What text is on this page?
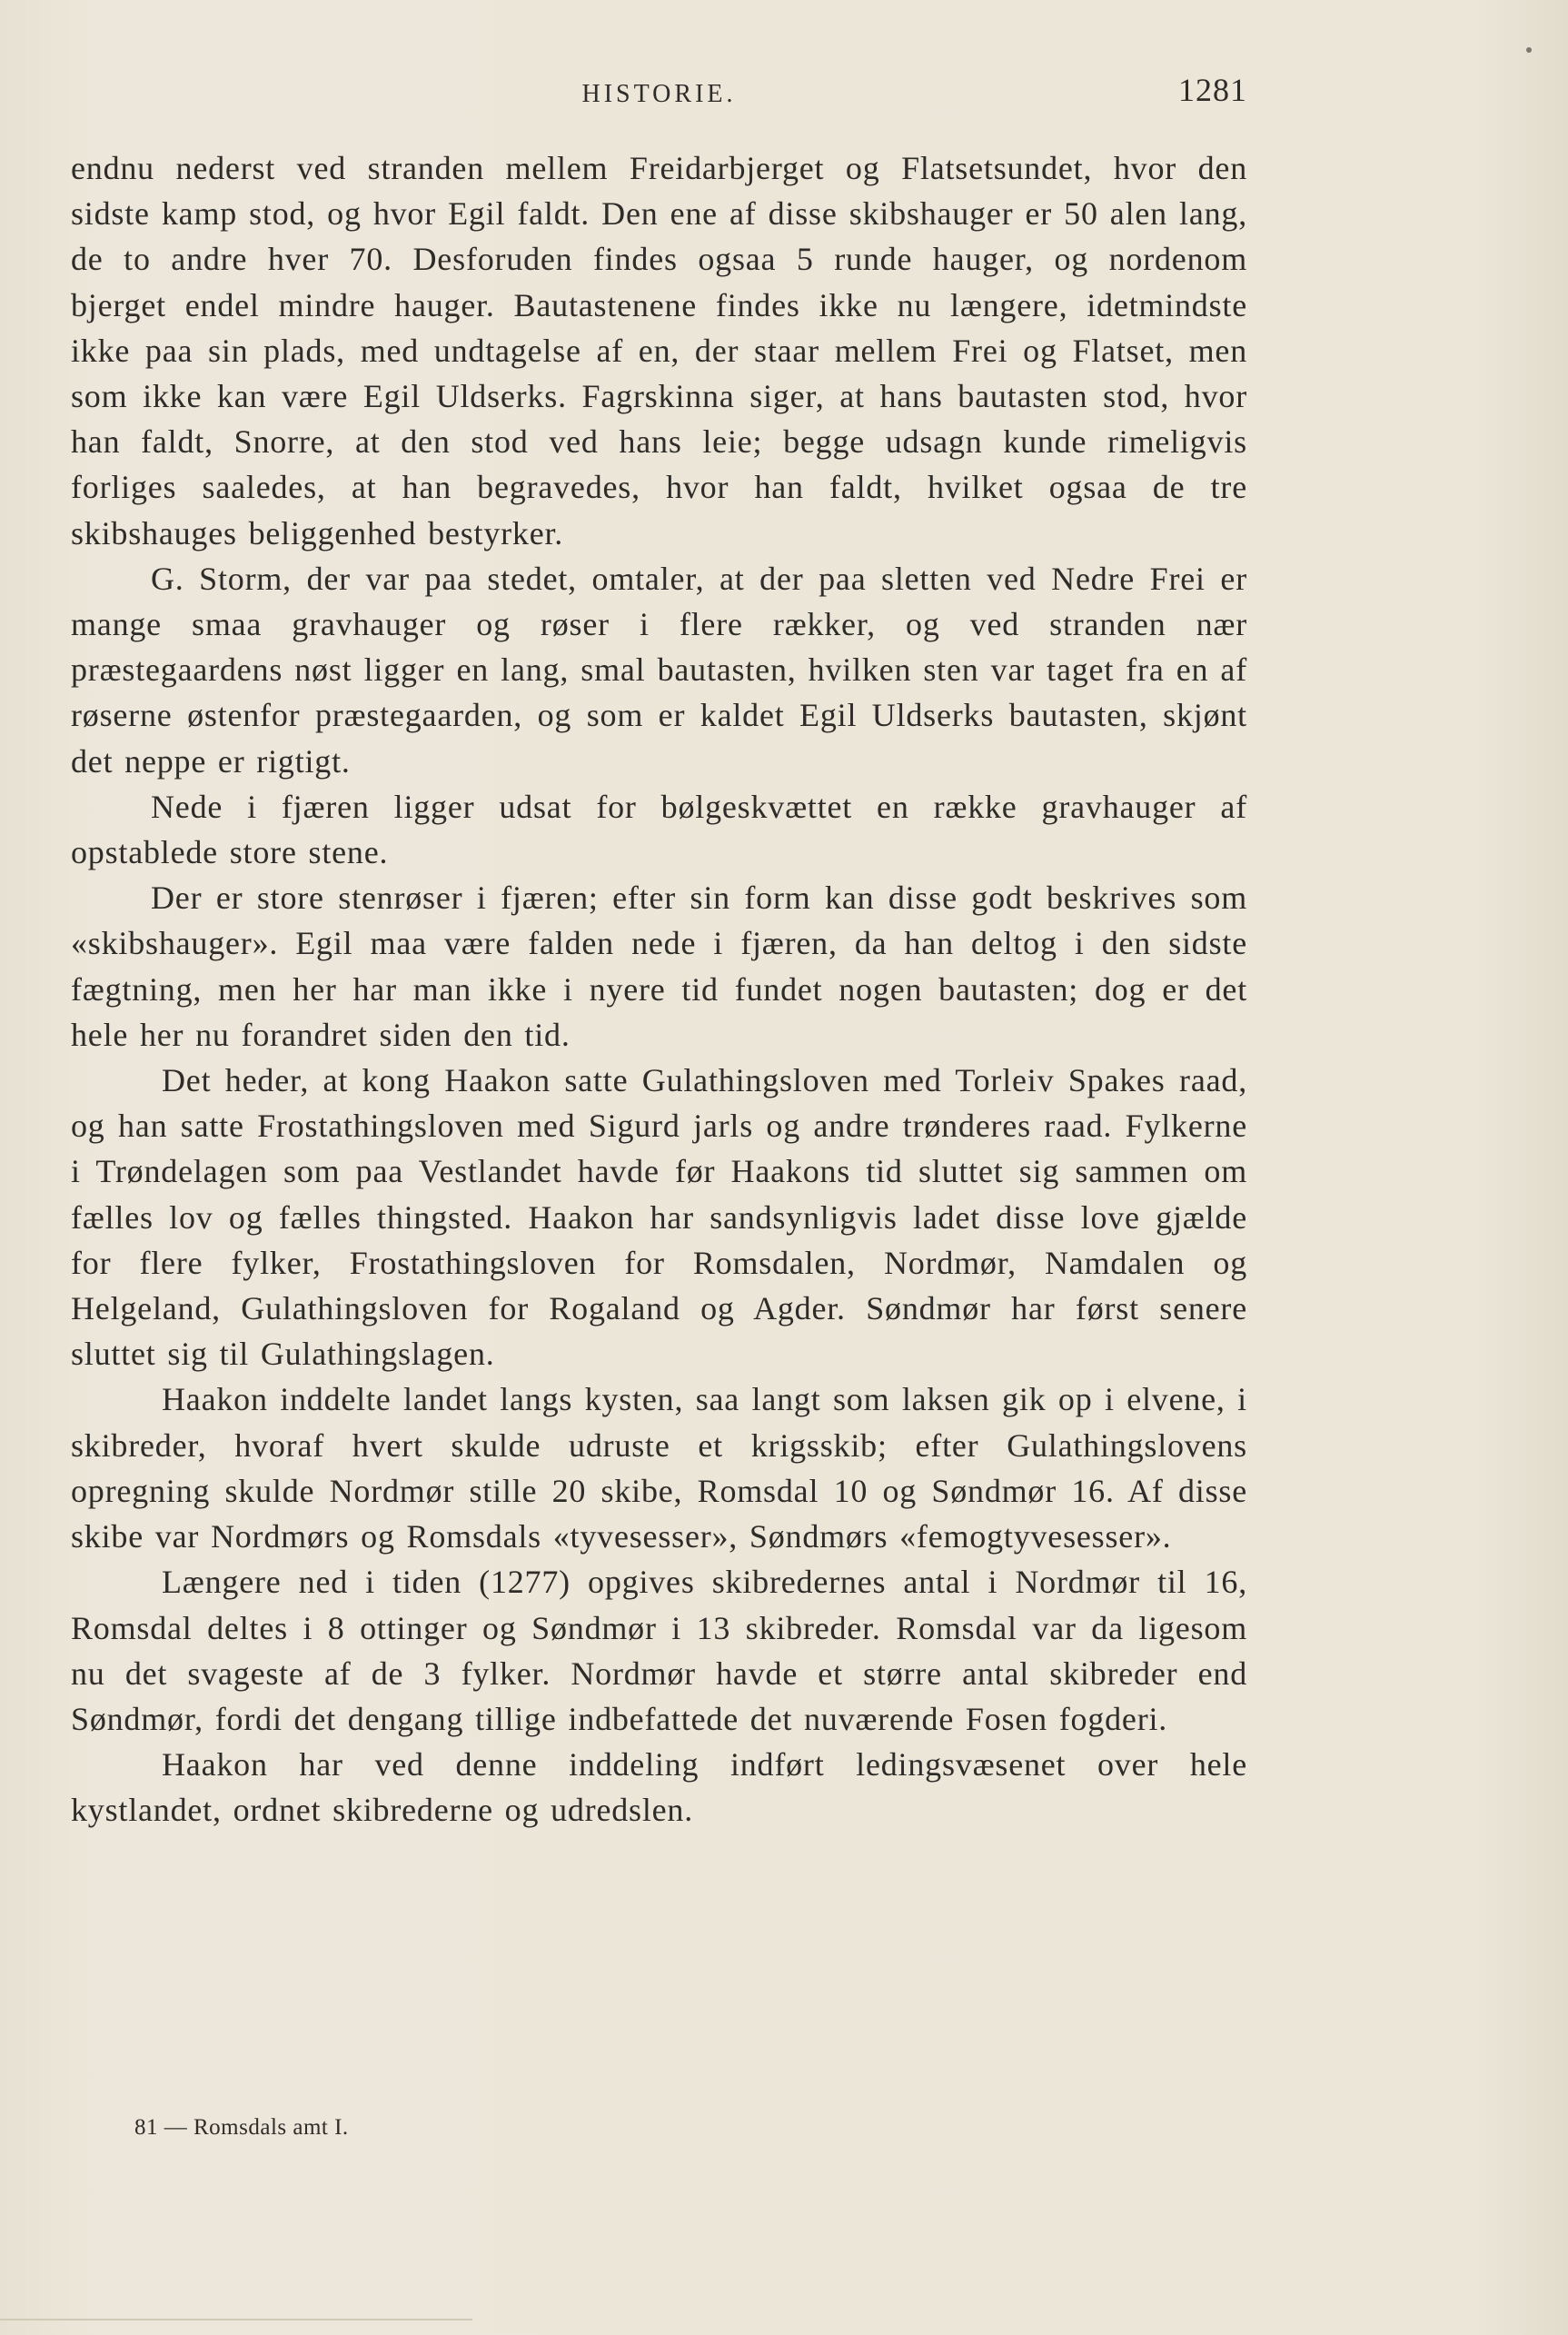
HISTORIE.	1281

endnu nederst ved stranden mellem Freidarbjerget og Flatsetsundet, hvor den sidste kamp stod, og hvor Egil faldt. Den ene af disse skibshauger er 50 alen lang, de to andre hver 70. Desforuden findes ogsaa 5 runde hauger, og nordenom bjerget endel mindre hauger. Bautastenene findes ikke nu længere, idetmindste ikke paa sin plads, med undtagelse af en, der staar mellem Frei og Flatset, men som ikke kan være Egil Uldserks. Fagrskinna siger, at hans bautasten stod, hvor han faldt, Snorre, at den stod ved hans leie; begge udsagn kunde rimeligvis forliges saaledes, at han begravedes, hvor han faldt, hvilket ogsaa de tre skibshauges beliggenhed bestyrker.

G. Storm, der var paa stedet, omtaler, at der paa sletten ved Nedre Frei er mange smaa gravhauger og røser i flere rækker, og ved stranden nær præstegaardens nøst ligger en lang, smal bautasten, hvilken sten var taget fra en af røserne østenfor præstegaarden, og som er kaldet Egil Uldserks bautasten, skjønt det neppe er rigtigt.

Nede i fjæren ligger udsat for bølgeskvættet en række gravhauger af opstablede store stene.

Der er store stenrøser i fjæren; efter sin form kan disse godt beskrives som «skibshauger». Egil maa være falden nede i fjæren, da han deltog i den sidste fægtning, men her har man ikke i nyere tid fundet nogen bautasten; dog er det hele her nu forandret siden den tid.

Det heder, at kong Haakon satte Gulathingsloven med Torleiv Spakes raad, og han satte Frostathingsloven med Sigurd jarls og andre trønderes raad. Fylkerne i Trøndelagen som paa Vestlandet havde før Haakons tid sluttet sig sammen om fælles lov og fælles thingsted. Haakon har sandsynligvis ladet disse love gjælde for flere fylker, Frostathingsloven for Romsdalen, Nordmør, Namdalen og Helgeland, Gulathingsloven for Rogaland og Agder. Søndmør har først senere sluttet sig til Gulathingslagen.

Haakon inddelte landet langs kysten, saa langt som laksen gik op i elvene, i skibreder, hvoraf hvert skulde udruste et krigsskib; efter Gulathingslovens opregning skulde Nordmør stille 20 skibe, Romsdal 10 og Søndmør 16. Af disse skibe var Nordmørs og Romsdals «tyvesesser», Søndmørs «femogtyvesesser».

Længere ned i tiden (1277) opgives skibredernes antal i Nordmør til 16, Romsdal deltes i 8 ottinger og Søndmør i 13 skibreder. Romsdal var da ligesom nu det svageste af de 3 fylker. Nordmør havde et større antal skibreder end Søndmør, fordi det dengang tillige indbefattede det nuværende Fosen fogderi.

Haakon har ved denne inddeling indført ledingsvæsenet over hele kystlandet, ordnet skibrederne og udredslen.

81 — Romsdals amt I.
